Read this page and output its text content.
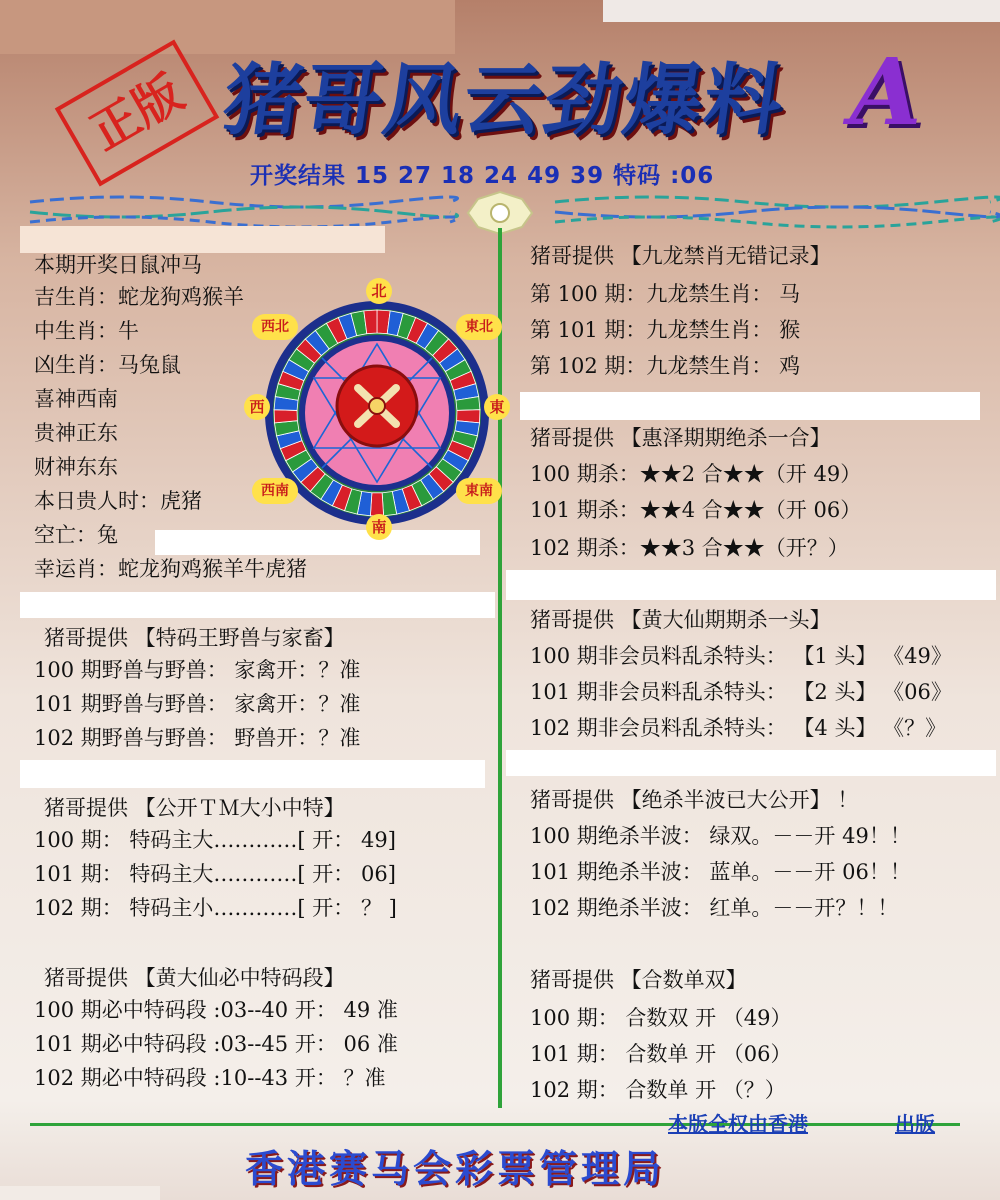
正版 猪哥风云劲爆料 A
开奖结果 15 27 18 24 49 39 特码 :06
本期开奖日鼠冲马
吉生肖：蛇龙狗鸡猴羊
中生肖：牛
凶生肖：马兔鼠
喜神西南
贵神正东
财神东东
本日贵人时：虎猪
空亡：兔
幸运肖：蛇龙狗鸡猴羊牛虎猪
北
南
西	東
西北	東北
西南	東南
猪哥提供 【特码王野兽与家畜】
100 期野兽与野兽： 家禽开：？准
101 期野兽与野兽： 家禽开：？准
102 期野兽与野兽： 野兽开：？准
猪哥提供 【公开ＴＭ大小中特】
100 期： 特码主大…………[ 开： 49]
101 期： 特码主大…………[ 开： 06]
102 期： 特码主小…………[ 开： ？ ]
猪哥提供 【黄大仙必中特码段】
100 期必中特码段 :03--40 开： 49 准
101 期必中特码段 :03--45 开： 06 准
102 期必中特码段 :10--43 开： ？准
猪哥提供 【九龙禁肖无错记录】
第 100 期：九龙禁生肖： 马
第 101 期：九龙禁生肖： 猴
第 102 期：九龙禁生肖： 鸡
猪哥提供 【惠泽期期绝杀一合】
100 期杀：★★2 合★★（开 49）
101 期杀：★★4 合★★（开 06）
102 期杀：★★3 合★★（开？）
猪哥提供 【黄大仙期期杀一头】
100 期非会员料乱杀特头： 【1 头】 《49》
101 期非会员料乱杀特头： 【2 头】 《06》
102 期非会员料乱杀特头： 【4 头】 《？》
猪哥提供 【绝杀半波已大公开】 ！
100 期绝杀半波： 绿双。－－开 49！！
101 期绝杀半波： 蓝单。－－开 06！！
102 期绝杀半波： 红单。－－开？！！
猪哥提供 【合数单双】
100 期： 合数双 开 （49）
101 期： 合数单 开 （06）
102 期： 合数单 开 （？）
本版全权由香港	出版
香港赛马会彩票管理局
